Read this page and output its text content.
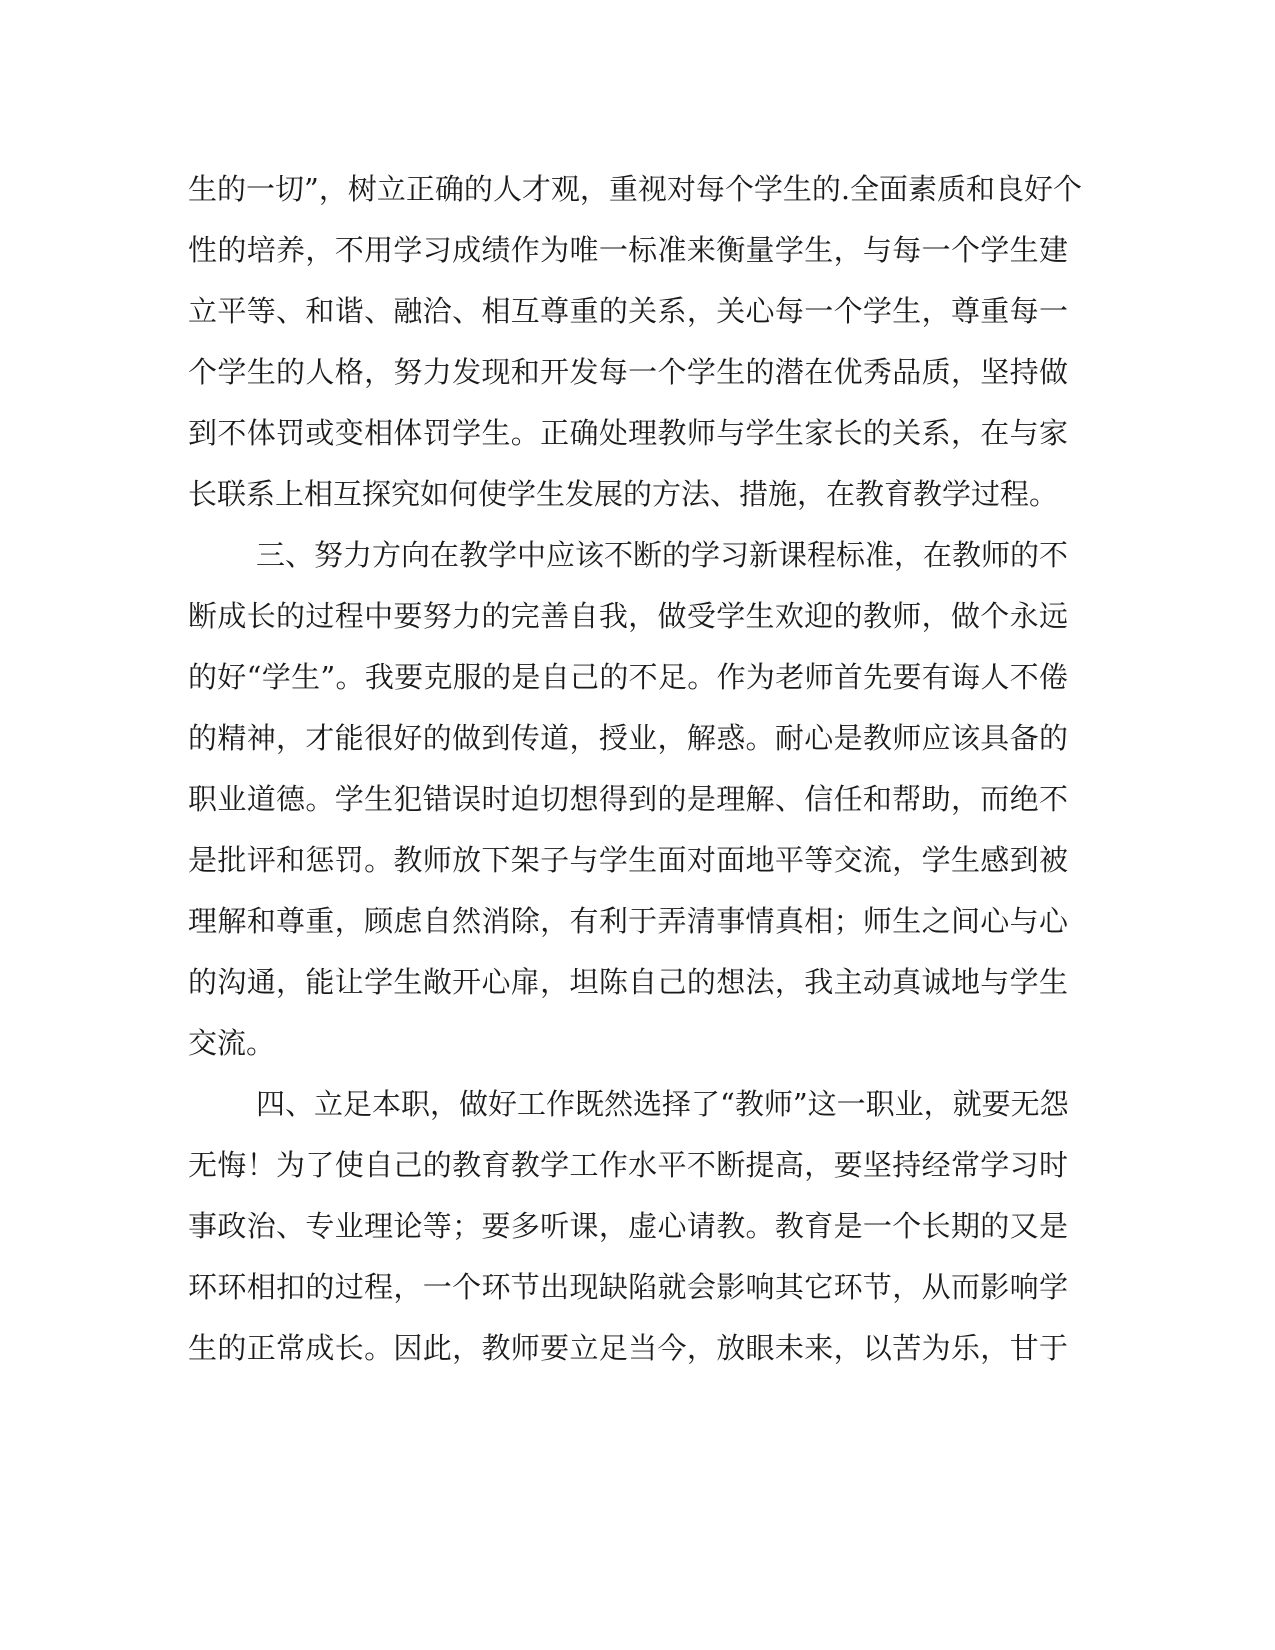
生的一切”，树立正确的人才观，重视对每个学生的.全面素质和良好个
性的培养，不用学习成绩作为唯一标准来衡量学生，与每一个学生建
立平等、和谐、融洽、相互尊重的关系，关心每一个学生，尊重每一
个学生的人格，努力发现和开发每一个学生的潜在优秀品质，坚持做
到不体罚或变相体罚学生。正确处理教师与学生家长的关系，在与家
长联系上相互探究如何使学生发展的方法、措施，在教育教学过程。
三、努力方向在教学中应该不断的学习新课程标准，在教师的不
断成长的过程中要努力的完善自我，做受学生欢迎的教师，做个永远
的好“学生”。我要克服的是自己的不足。作为老师首先要有诲人不倦
的精神，才能很好的做到传道，授业，解惑。耐心是教师应该具备的
职业道德。学生犯错误时迫切想得到的是理解、信任和帮助，而绝不
是批评和惩罚。教师放下架子与学生面对面地平等交流，学生感到被
理解和尊重，顾虑自然消除，有利于弄清事情真相；师生之间心与心
的沟通，能让学生敞开心扉，坦陈自己的想法，我主动真诚地与学生
交流。
四、立足本职，做好工作既然选择了“教师”这一职业，就要无怨
无悔！为了使自己的教育教学工作水平不断提高，要坚持经常学习时
事政治、专业理论等；要多听课，虚心请教。教育是一个长期的又是
环环相扣的过程，一个环节出现缺陷就会影响其它环节，从而影响学
生的正常成长。因此，教师要立足当今，放眼未来，以苦为乐，甘于
